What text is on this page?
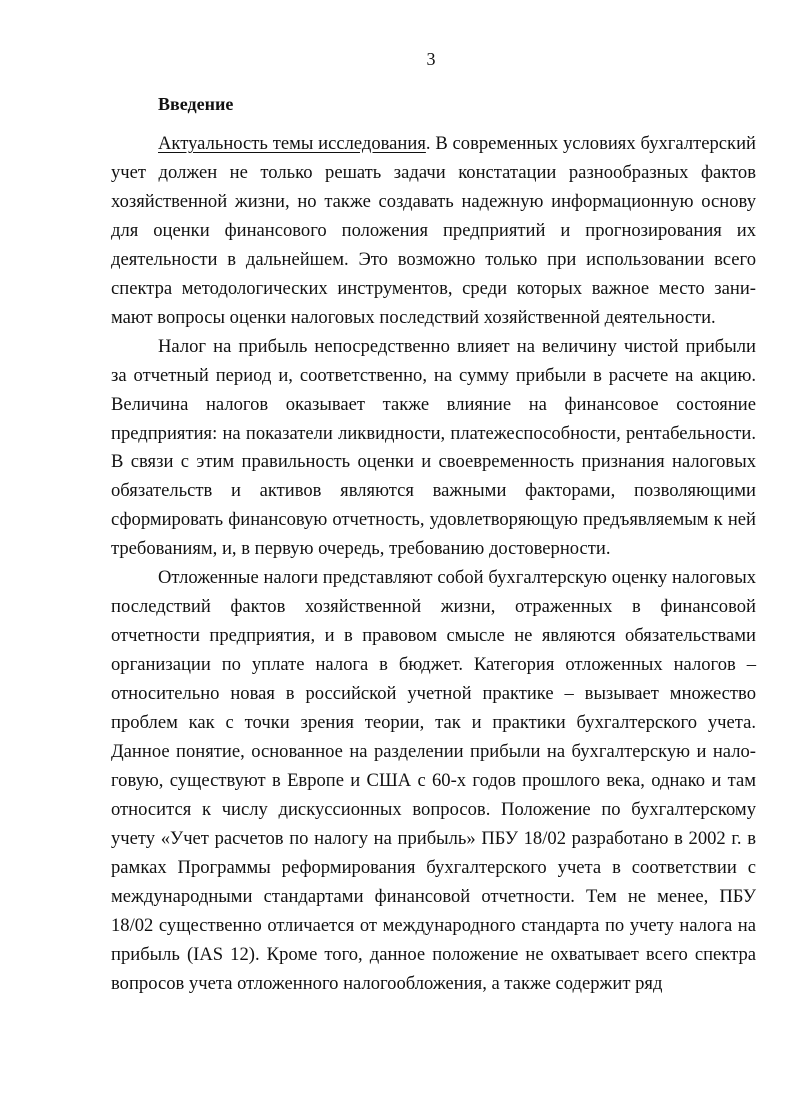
3
Введение

Актуальность темы исследования. В современных условиях бухгалтерский учет должен не только решать задачи констатации разнообразных фактов хозяйственной жизни, но также создавать надежную информационную основу для оценки финансового положения предприятий и прогнозирования их деятельности в дальнейшем. Это возможно только при использовании всего спектра методологических инструментов, среди которых важное место занимают вопросы оценки налоговых последствий хозяйственной деятельности.

Налог на прибыль непосредственно влияет на величину чистой прибыли за отчетный период и, соответственно, на сумму прибыли в расчете на акцию. Величина налогов оказывает также влияние на финансовое состояние предприятия: на показатели ликвидности, платежеспособности, рентабельности. В связи с этим правильность оценки и своевременность признания налоговых обязательств и активов являются важными факторами, позволяющими сформировать финансовую отчетность, удовлетворяющую предъявляемым к ней требованиям, и, в первую очередь, требованию достоверности.

Отложенные налоги представляют собой бухгалтерскую оценку налоговых последствий фактов хозяйственной жизни, отраженных в финансовой отчетности предприятия, и в правовом смысле не являются обязательствами организации по уплате налога в бюджет. Категория отложенных налогов – относительно новая в российской учетной практике – вызывает множество проблем как с точки зрения теории, так и практики бухгалтерского учета. Данное понятие, основанное на разделении прибыли на бухгалтерскую и налоговую, существуют в Европе и США с 60-х годов прошлого века, однако и там относится к числу дискуссионных вопросов. Положение по бухгалтерскому учету «Учет расчетов по налогу на прибыль» ПБУ 18/02 разработано в 2002 г. в рамках Программы реформирования бухгалтерского учета в соответствии с международными стандартами финансовой отчетности. Тем не менее, ПБУ 18/02 существенно отличается от международного стандарта по учету налога на прибыль (IAS 12). Кроме того, данное положение не охватывает всего спектра вопросов учета отложенного налогообложения, а также содержит ряд
